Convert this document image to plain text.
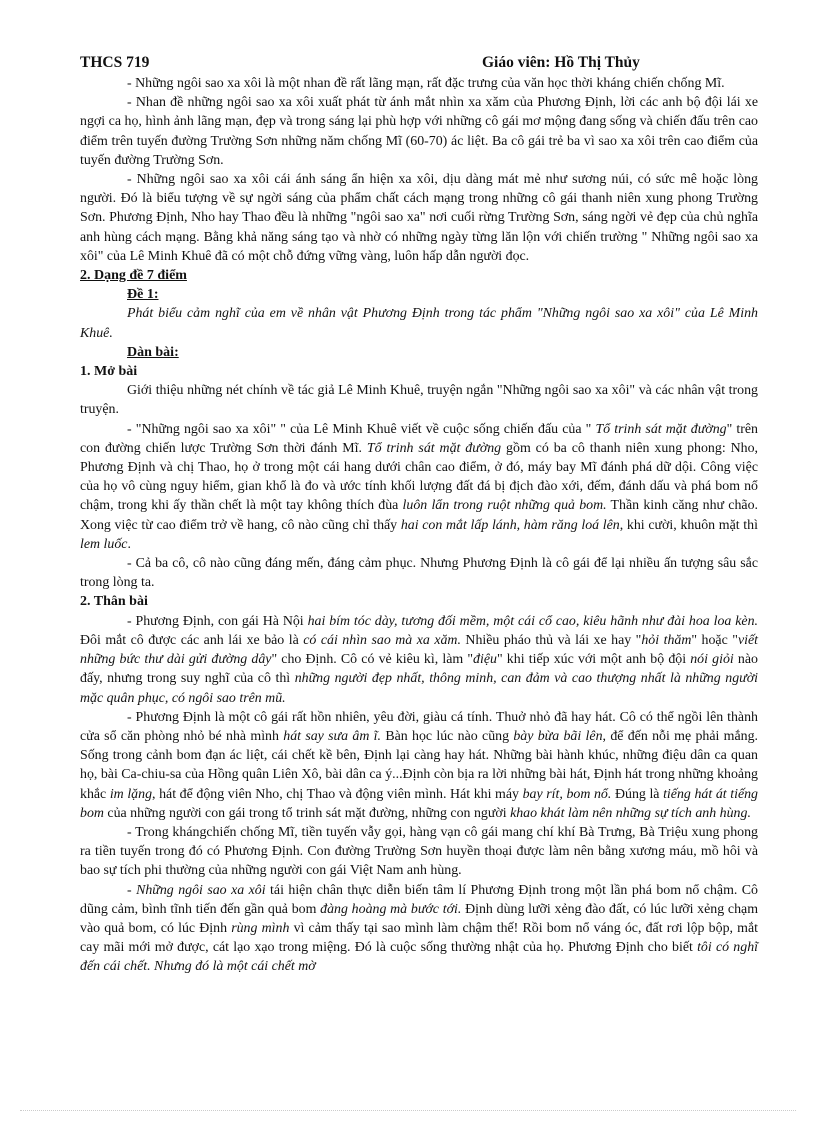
THCS 719	Giáo viên: Hồ Thị Thủy

- Những ngôi sao xa xôi là một nhan đề rất lãng mạn, rất đặc trưng của văn học thời kháng chiến chống Mĩ.

- Nhan đề những ngôi sao xa xôi xuất phát từ ánh mắt nhìn xa xăm của Phương Định, lời các anh bộ đội lái xe ngợi ca họ, hình ảnh lãng mạn, đẹp và trong sáng lại phù hợp với những cô gái mơ mộng đang sống và chiến đấu trên cao điểm trên tuyến đường Trường Sơn những năm chống Mĩ (60-70) ác liệt. Ba cô gái trẻ ba vì sao xa xôi trên cao điểm của tuyến đường Trường Sơn.

- Những ngôi sao xa xôi cái ánh sáng ẩn hiện xa xôi, dịu dàng mát mẻ như sương núi, có sức mê hoặc lòng người. Đó là biểu tượng về sự ngời sáng của phẩm chất cách mạng trong những cô gái thanh niên xung phong Trường Sơn. Phương Định, Nho hay Thao đều là những "ngôi sao xa" nơi cuối rừng Trường Sơn, sáng ngời vẻ đẹp của chủ nghĩa anh hùng cách mạng. Bằng khả năng sáng tạo và nhờ có những ngày từng lăn lộn với chiến trường " Những ngôi sao xa xôi" của Lê Minh Khuê đã có một chỗ đứng vững vàng, luôn hấp dẫn người đọc.

2. Dạng đề 7 điểm
Đề 1:

Phát biểu cảm nghĩ của em về nhân vật Phương Định trong tác phẩm "Những ngôi sao xa xôi" của Lê Minh Khuê.

Dàn bài:
1. Mở bài

Giới thiệu những nét chính về tác giả Lê Minh Khuê, truyện ngắn "Những ngôi sao xa xôi" và các nhân vật trong truyện.

- "Những ngôi sao xa xôi" " của Lê Minh Khuê viết về cuộc sống chiến đấu của " Tổ trinh sát mặt đường" trên con đường chiến lược Trường Sơn thời đánh Mĩ. Tổ trinh sát mặt đường gồm có ba cô thanh niên xung phong: Nho, Phương Định và chị Thao, họ ở trong một cái hang dưới chân cao điểm, ở đó, máy bay Mĩ đánh phá dữ dội. Công việc của họ vô cùng nguy hiểm, gian khổ là đo và ước tính khối lượng đất đá bị địch đào xới, đếm, đánh dấu và phá bom nổ chậm, trong khi ấy thần chết là một tay không thích đùa luôn lẩn trong ruột những quả bom. Thần kinh căng như chão. Xong việc từ cao điểm trở về hang, cô nào cũng chỉ thấy hai con mắt lấp lánh, hàm răng loá lên, khi cười, khuôn mặt thì lem luốc.

- Cả ba cô, cô nào cũng đáng mến, đáng cảm phục. Nhưng Phương Định là cô gái để lại nhiều ấn tượng sâu sắc trong lòng ta.

2. Thân bài

- Phương Định, con gái Hà Nội hai bím tóc dày, tương đối mềm, một cái cổ cao, kiêu hãnh như đài hoa loa kèn. Đôi mắt cô được các anh lái xe bảo là có cái nhìn sao mà xa xăm. Nhiều pháo thủ và lái xe hay "hỏi thăm" hoặc "viết những bức thư dài gửi đường dây" cho Định. Cô có vẻ kiêu kì, làm "điệu" khi tiếp xúc với một anh bộ đội nói giỏi nào đấy, nhưng trong suy nghĩ của cô thì những người đẹp nhất, thông minh, can đảm và cao thượng nhất là những người mặc quân phục, có ngôi sao trên mũ.

- Phương Định là một cô gái rất hồn nhiên, yêu đời, giàu cá tính. Thuở nhỏ đã hay hát. Cô có thể ngồi lên thành cửa sổ căn phòng nhỏ bé nhà mình hát say sưa âm ĩ. Bàn học lúc nào cũng bày bừa bãi lên, để đến nỗi mẹ phải mắng. Sống trong cảnh bom đạn ác liệt, cái chết kề bên, Định lại càng hay hát. Những bài hành khúc, những điệu dân ca quan họ, bài Ca-chiu-sa của Hồng quân Liên Xô, bài dân ca ý...Định còn bịa ra lời những bài hát, Định hát trong những khoảng khắc im lặng, hát để động viên Nho, chị Thao và động viên mình. Hát khi máy bay rít, bom nổ. Đúng là tiếng hát át tiếng bom của những người con gái trong tổ trinh sát mặt đường, những con người khao khát làm nên những sự tích anh hùng.

- Trong khángchiến chống Mĩ, tiền tuyến vẫy gọi, hàng vạn cô gái mang chí khí Bà Trưng, Bà Triệu xung phong ra tiền tuyến trong đó có Phương Định. Con đường Trường Sơn huyền thoại được làm nên bằng xương máu, mồ hôi và bao sự tích phi thường của những người con gái Việt Nam anh hùng.

- Những ngôi sao xa xôi tái hiện chân thực diễn biến tâm lí Phương Định trong một lần phá bom nổ chậm. Cô dũng cảm, bình tĩnh tiến đến gần quả bom đàng hoàng mà bước tới. Định dùng lưỡi xẻng đào đất, có lúc lưỡi xẻng chạm vào quả bom, có lúc Định rùng mình vì cảm thấy tại sao mình làm chậm thế! Rồi bom nổ váng óc, đất rơi lộp bộp, mắt cay mãi mới mở được, cát lạo xạo trong miệng. Đó là cuộc sống thường nhật của họ. Phương Định cho biết tôi có nghĩ đến cái chết. Nhưng đó là một cái chết mờ
